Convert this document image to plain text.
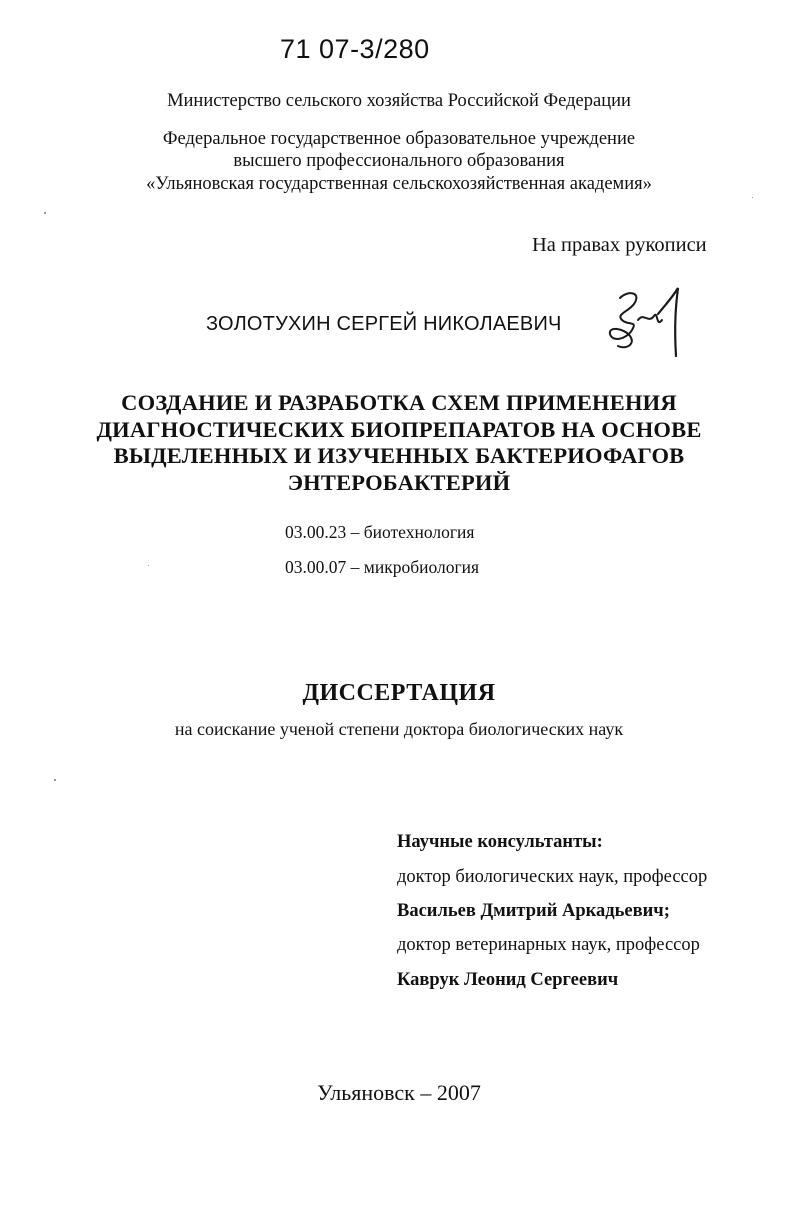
71 07-3/280
Министерство сельского хозяйства Российской Федерации
Федеральное государственное образовательное учреждение
высшего профессионального образования
«Ульяновская государственная сельскохозяйственная академия»
На правах рукописи
ЗОЛОТУХИН СЕРГЕЙ НИКОЛАЕВИЧ
СОЗДАНИЕ И РАЗРАБОТКА СХЕМ ПРИМЕНЕНИЯ
ДИАГНОСТИЧЕСКИХ БИОПРЕПАРАТОВ НА ОСНОВЕ
ВЫДЕЛЕННЫХ И ИЗУЧЕННЫХ БАКТЕРИОФАГОВ
ЭНТЕРОБАКТЕРИЙ
03.00.23 – биотехнология
03.00.07 – микробиология
ДИССЕРТАЦИЯ
на соискание ученой степени доктора биологических наук
Научные консультанты:
доктор биологических наук, профессор
Васильев Дмитрий Аркадьевич;
доктор ветеринарных наук, профессор
Каврук Леонид Сергеевич
Ульяновск – 2007
